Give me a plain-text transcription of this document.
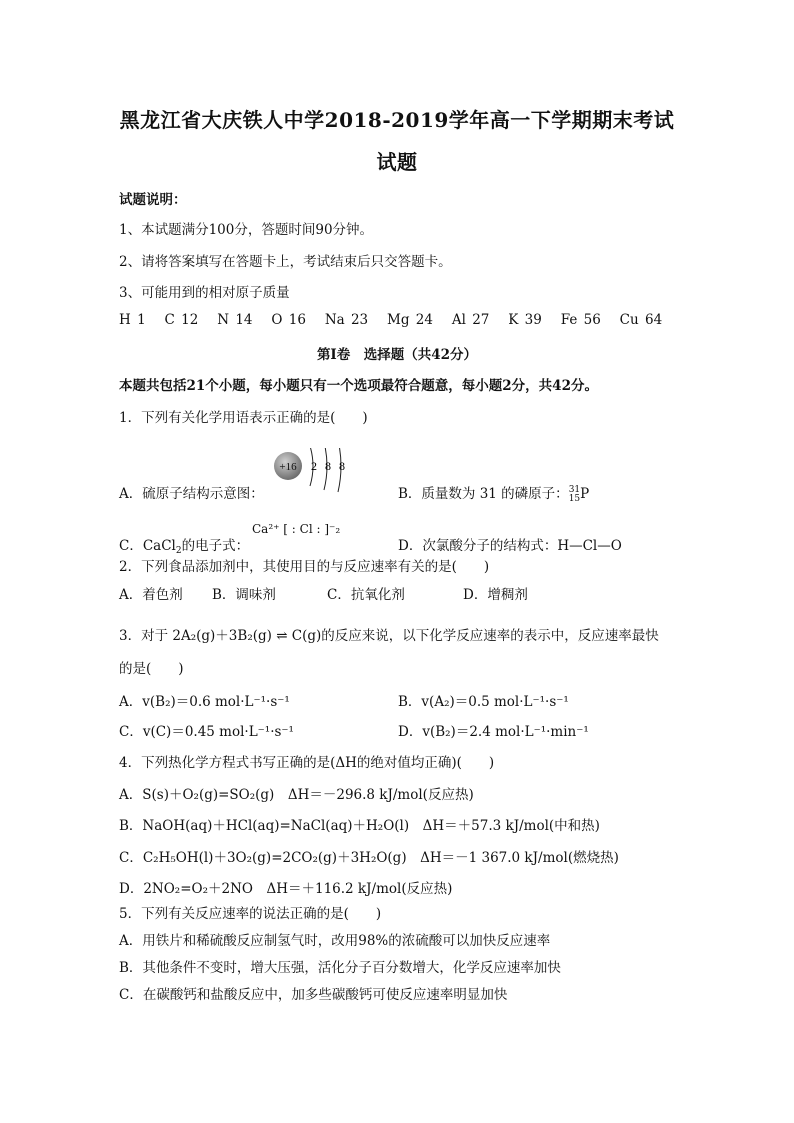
黑龙江省大庆铁人中学2018-2019学年高一下学期期末考试
试题
试题说明：
1、本试题满分100分，答题时间90分钟。
2、请将答案填写在答题卡上，考试结束后只交答题卡。
3、可能用到的相对原子质量
H 1 C 12 N 14 O 16 Na 23 Mg 24 Al 27 K 39 Fe 56 Cu 64
第Ⅰ卷　选择题（共42分）
本题共包括21个小题，每小题只有一个选项最符合题意，每小题2分，共42分。
1．下列有关化学用语表示正确的是(　　)
+16 2 8 8
A．硫原子结构示意图：	B．质量数为 31 的磷原子： 31
15 P
C．CaCl$_2$的电子式：
Ca²⁺ [ : Cl : ]⁻₂
D．次氯酸分子的结构式：H—Cl—O
2．下列食品添加剂中，其使用目的与反应速率有关的是(　　)
A．着色剂 B．调味剂	C．抗氧化剂	D．增稠剂
3．对于 2A₂(g)＋3B₂(g) ⇌ C(g)的反应来说，以下化学反应速率的表示中，反应速率最快
的是(　　)
A．v(B₂)＝0.6 mol·L⁻¹·s⁻¹	B．v(A₂)＝0.5 mol·L⁻¹·s⁻¹
C．v(C)＝0.45 mol·L⁻¹·s⁻¹	D．v(B₂)＝2.4 mol·L⁻¹·min⁻¹
4．下列热化学方程式书写正确的是(ΔH的绝对值均正确)(　　)
A．S(s)＋O₂(g)=SO₂(g)　ΔH＝－296.8 kJ/mol(反应热)
B．NaOH(aq)＋HCl(aq)=NaCl(aq)＋H₂O(l)　ΔH＝＋57.3 kJ/mol(中和热)
C．C₂H₅OH(l)＋3O₂(g)=2CO₂(g)＋3H₂O(g)　ΔH＝－1 367.0 kJ/mol(燃烧热)
D．2NO₂=O₂＋2NO　ΔH＝＋116.2 kJ/mol(反应热)
5．下列有关反应速率的说法正确的是(　　)
A．用铁片和稀硫酸反应制氢气时，改用98%的浓硫酸可以加快反应速率
B．其他条件不变时，增大压强，活化分子百分数增大，化学反应速率加快
C．在碳酸钙和盐酸反应中，加多些碳酸钙可使反应速率明显加快
